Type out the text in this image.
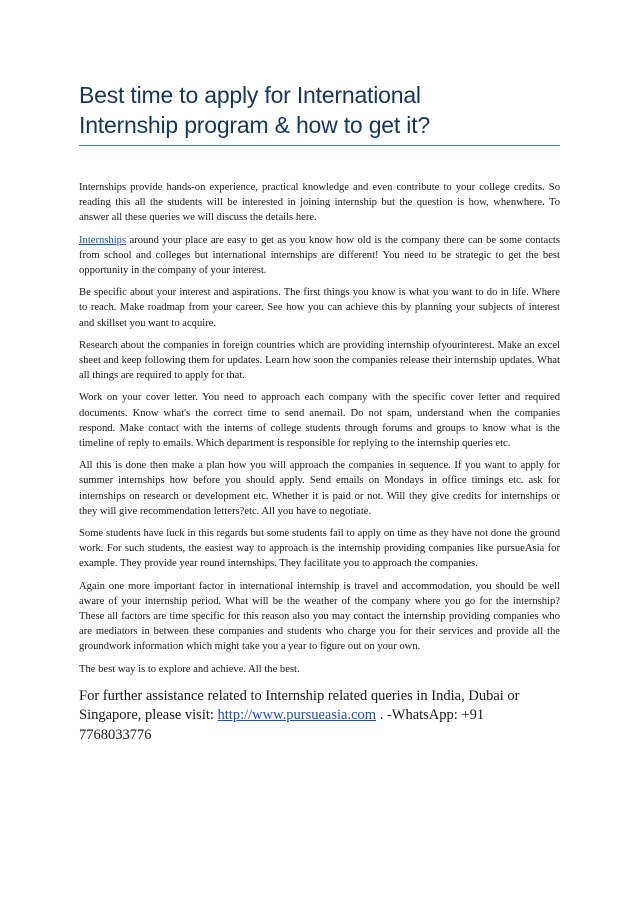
Best time to apply for International
Internship program & how to get it?

Internships provide hands-on experience, practical knowledge and even contribute to your college credits. So reading this all the students will be interested in joining internship but the question is how, whenwhere. To answer all these queries we will discuss the details here.

Internships around your place are easy to get as you know how old is the company there can be some contacts from school and colleges but international internships are different! You need to be strategic to get the best opportunity in the company of your interest.

Be specific about your interest and aspirations. The first things you know is what you want to do in life. Where to reach. Make roadmap from your career. See how you can achieve this by planning your subjects of interest and skillset you want to acquire.

Research about the companies in foreign countries which are providing internship ofyourinterest. Make an excel sheet and keep following them for updates. Learn how soon the companies release their internship updates. What all things are required to apply for that.

Work on your cover letter. You need to approach each company with the specific cover letter and required documents. Know what's the correct time to send anemail. Do not spam, understand when the companies respond. Make contact with the interns of college students through forums and groups to know what is the timeline of reply to emails. Which department is responsible for replying to the internship queries etc.

All this is done then make a plan how you will approach the companies in sequence. If you want to apply for summer internships how before you should apply. Send emails on Mondays in office timings etc. ask for internships on research or development etc. Whether it is paid or not. Will they give credits for internships or they will give recommendation letters?etc. All you have to negotiate.

Some students have luck in this regards but some students fail to apply on time as they have not done the ground work. For such students, the easiest way to approach is the internship providing companies like pursueAsia for example. They provide year round internships. They facilitate you to approach the companies.

Again one more important factor in international internship is travel and accommodation, you should be well aware of your internship period. What will be the weather of the company where you go for the internship? These all factors are time specific for this reason also you may contact the internship providing companies who are mediators in between these companies and students who charge you for their services and provide all the groundwork information which might take you a year to figure out on your own.

The best way is to explore and achieve. All the best.

For further assistance related to Internship related queries in India, Dubai or Singapore, please visit: http://www.pursueasia.com . -WhatsApp: +91 7768033776
